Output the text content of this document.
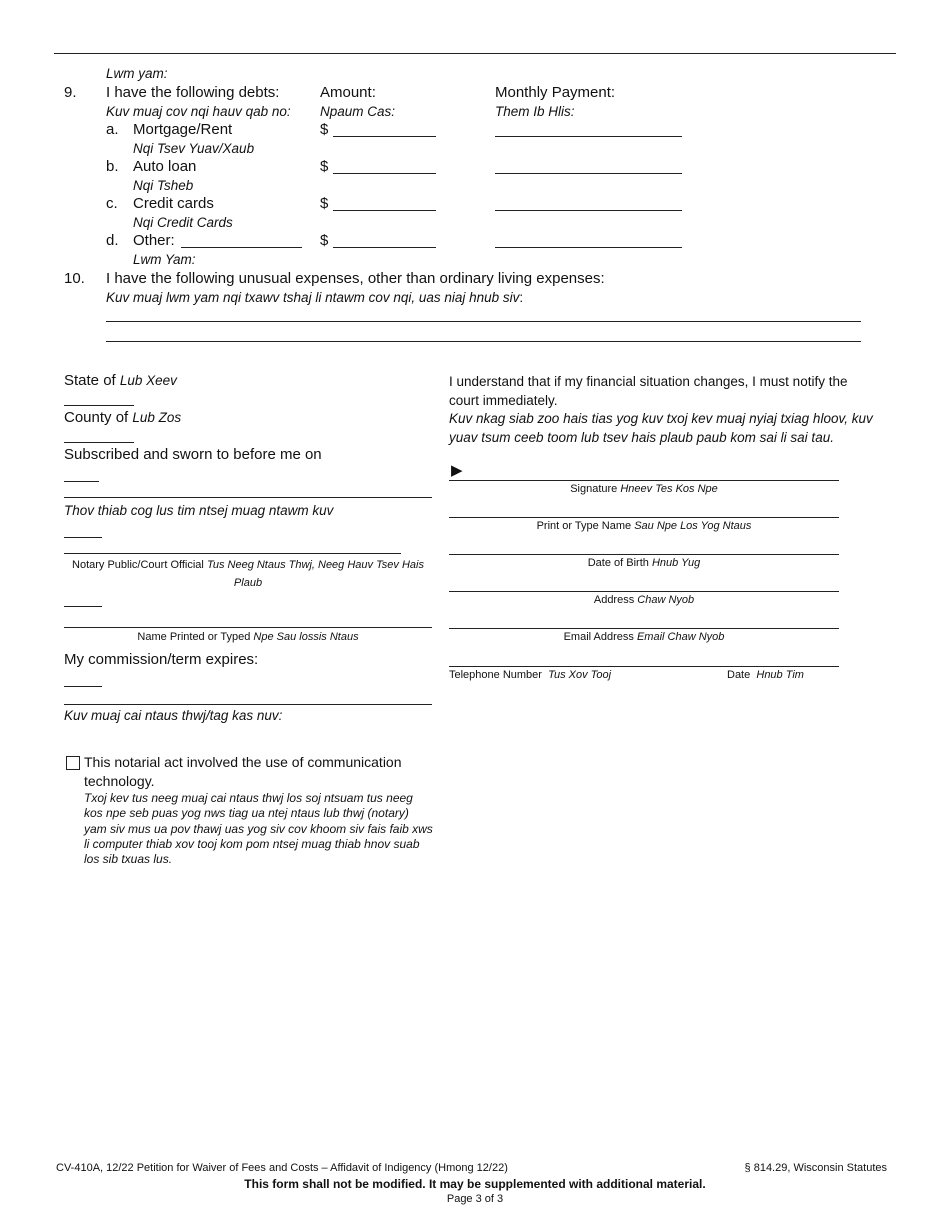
Lwm yam:
9. I have the following debts:
Kuv muaj cov nqi hauv qab no:
Amount:
Npaum Cas:
Monthly Payment:
Them Ib Hlis:
a. Mortgage/Rent
Nqi Tsev Yuav/Xaub
$
b. Auto loan
Nqi Tsheb
$
c. Credit cards
Nqi Credit Cards
$
d. Other:
Lwm Yam:
$
10. I have the following unusual expenses, other than ordinary living expenses:
Kuv muaj lwm yam nqi txawv tshaj li ntawm cov nqi, uas niaj hnub siv:
State of Lub Xeev
County of Lub Zos
Subscribed and sworn to before me on
Thov thiab cog lus tim ntsej muag ntawm kuv
Notary Public/Court Official Tus Neeg Ntaus Thwj, Neeg Hauv Tsev Hais Plaub
Name Printed or Typed Npe Sau lossis Ntaus
My commission/term expires:
Kuv muaj cai ntaus thwj/tag kas nuv:
This notarial act involved the use of communication technology.
Txoj kev tus neeg muaj cai ntaus thwj los soj ntsuam tus neeg kos npe seb puas yog nws tiag ua ntej ntaus lub thwj (notary) yam siv mus ua pov thawj uas yog siv cov khoom siv fais faib xws li computer thiab xov tooj kom pom ntsej muag thiab hnov suab los sib txuas lus.
I understand that if my financial situation changes, I must notify the court immediately.
Kuv nkag siab zoo hais tias yog kuv txoj kev muaj nyiaj txiag hloov, kuv yuav tsum ceeb toom lub tsev hais plaub paub kom sai li sai tau.
▶
Signature Hneev Tes Kos Npe
Print or Type Name Sau Npe Los Yog Ntaus
Date of Birth Hnub Yug
Address Chaw Nyob
Email Address Email Chaw Nyob
Telephone Number Tus Xov Tooj	Date Hnub Tim
CV-410A, 12/22 Petition for Waiver of Fees and Costs – Affidavit of Indigency (Hmong 12/22)	§ 814.29, Wisconsin Statutes
This form shall not be modified. It may be supplemented with additional material.
Page 3 of 3
